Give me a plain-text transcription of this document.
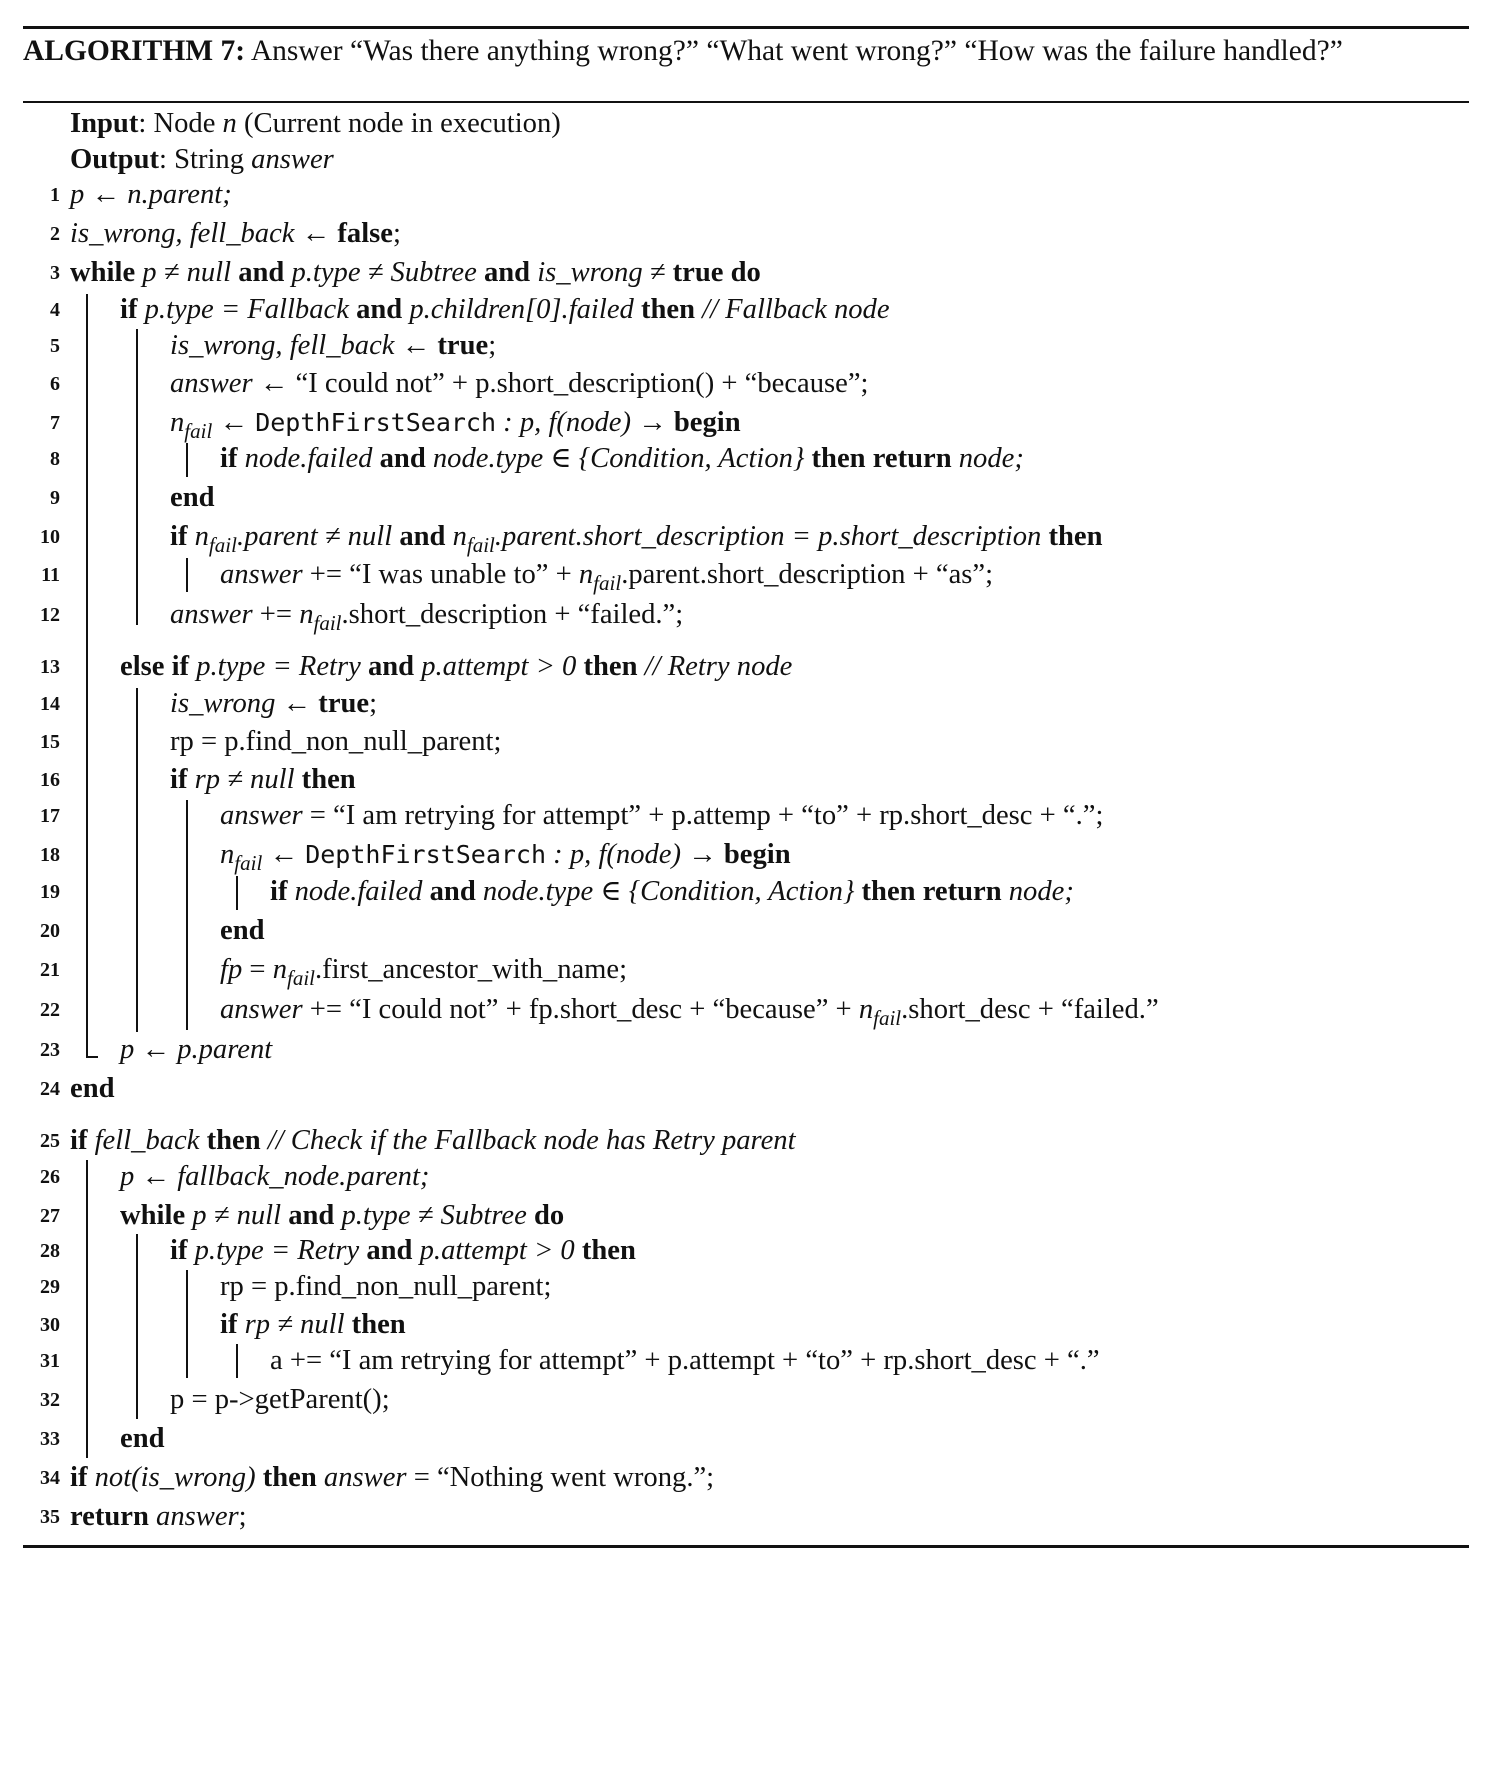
ALGORITHM 7: Answer “Was there anything wrong?” “What went wrong?” “How was the failure handled?”
Input: Node n (Current node in execution)
Output: String answer
1 p ← n.parent;
2 is_wrong, fell_back ← false;
3 while p ≠ null and p.type ≠ Subtree and is_wrong ≠ true do
4 if p.type = Fallback and p.children[0].failed then // Fallback node
5	is_wrong, fell_back ← true;
6	answer ← “I could not” + p.short_description() + “because”;
7	$n_{fail}$ ← DepthFirstSearch : p, f(node) → begin
8	if node.failed and node.type ∈ {Condition, Action} then return node;
9	end
10	if $n_{fail}.parent$ ≠ null and $n_{fail}.parent.short\_description$ = p.short_description then
11	answer += “I was unable to” + $n_{fail}.parent.short\_description$ + “as”;
12	answer += $n_{fail}.short\_description$ + “failed.”;
13 else if p.type = Retry and p.attempt > 0 then // Retry node
14	is_wrong ← true;
15	rp = p.find_non_null_parent;
16	if rp ≠ null then
17	answer = “I am retrying for attempt” + p.attemp + “to” + rp.short_desc + “.”;
18	$n_{fail}$ ← DepthFirstSearch : p, f(node) → begin
19	if node.failed and node.type ∈ {Condition, Action} then return node;
20	end
21	fp = $n_{fail}.first\_ancestor\_with\_name$;
22	answer += “I could not” + fp.short_desc + “because” + $n_{fail}.short\_desc$ + “failed.”
23 p ← p.parent
24 end
25 if fell_back then // Check if the Fallback node has Retry parent
26 p ← fallback_node.parent;
27 while p ≠ null and p.type ≠ Subtree do
28	if p.type = Retry and p.attempt > 0 then
29	rp = p.find_non_null_parent;
30	if rp ≠ null then
31	a += “I am retrying for attempt” + p.attempt + “to” + rp.short_desc + “.”
32	p = p->getParent();
33 end
34 if not(is_wrong) then answer = “Nothing went wrong.”;
35 return answer;
